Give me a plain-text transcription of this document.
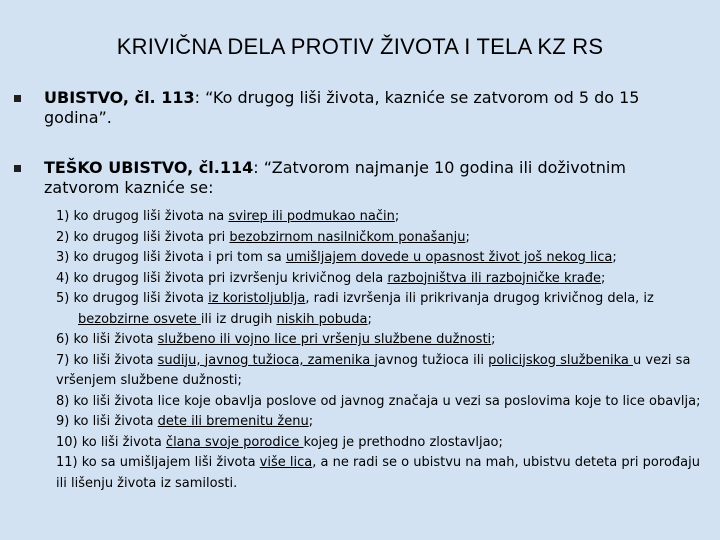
KRIVIČNA DELA PROTIV ŽIVOTA I TELA KZ RS
UBISTVO, čl. 113: “Ko drugog liši života, kazniće se zatvorom od 5 do 15 godina”.
TEŠKO UBISTVO, čl.114: “Zatvorom najmanje 10 godina ili doživotnim zatvorom kazniće se:
1) ko drugog liši života na svirep ili podmukao način;
2) ko drugog liši života pri bezobzirnom nasilničkom ponašanju;
3) ko drugog liši života i pri tom sa umišljajem dovede u opasnost život još nekog lica;
4) ko drugog liši života pri izvršenju krivičnog dela razbojništva ili razbojničke krađe;
5) ko drugog liši života iz koristoljublja, radi izvršenja ili prikrivanja drugog krivičnog dela, iz
bezobzirne osvete ili iz drugih niskih pobuda;
6) ko liši života službeno ili vojno lice pri vršenju službene dužnosti;
7) ko liši života sudiju, javnog tužioca, zamenika javnog tužioca ili policijskog službenika u vezi sa vršenjem službene dužnosti;
8) ko liši života lice koje obavlja poslove od javnog značaja u vezi sa poslovima koje to lice obavlja;
9) ko liši života dete ili bremenitu ženu;
10) ko liši života člana svoje porodice kojeg je prethodno zlostavljao;
11) ko sa umišljajem liši života više lica, a ne radi se o ubistvu na mah, ubistvu deteta pri porođaju ili lišenju života iz samilosti.
